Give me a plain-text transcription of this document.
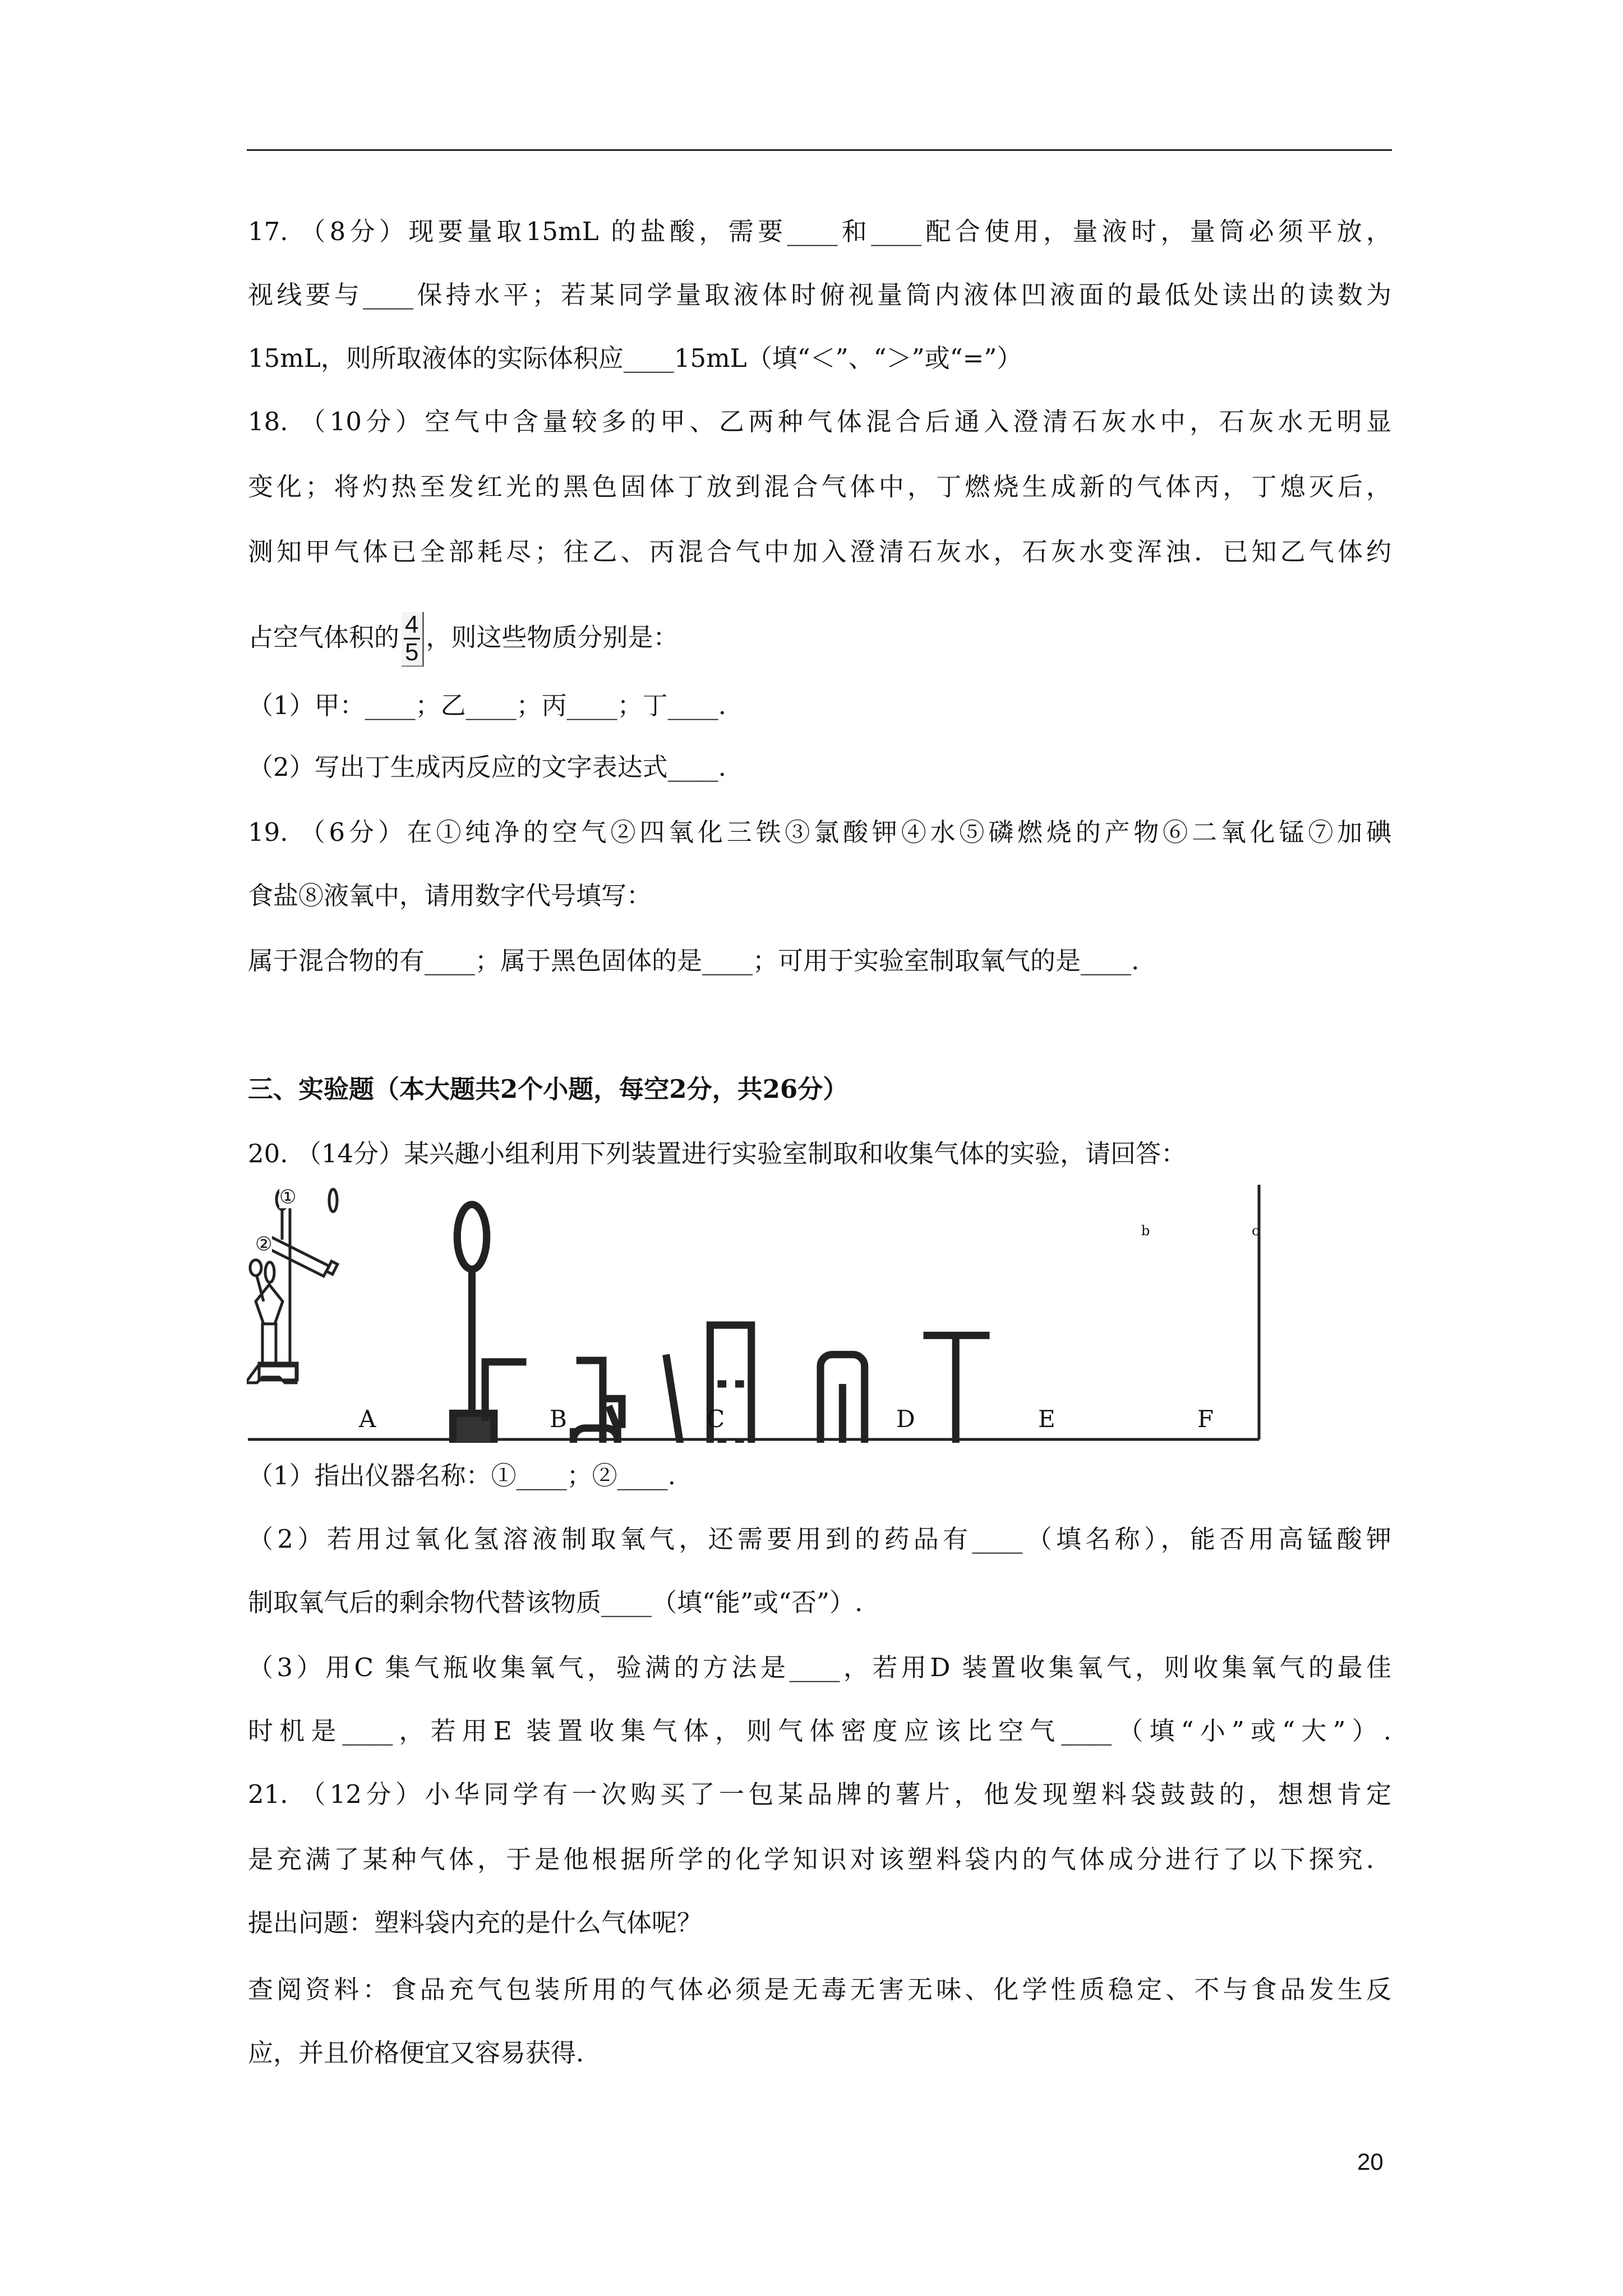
17. （8分）现要量取15mL 的盐酸，需要____和____配合使用，量液时，量筒必须平放，
视线要与____保持水平；若某同学量取液体时俯视量筒内液体凹液面的最低处读出的读数为
15mL，则所取液体的实际体积应____15mL（填“＜”、“＞”或“=”）
18. （10分）空气中含量较多的甲、乙两种气体混合后通入澄清石灰水中，石灰水无明显
变化；将灼热至发红光的黑色固体丁放到混合气体中，丁燃烧生成新的气体丙，丁熄灭后，
测知甲气体已全部耗尽；往乙、丙混合气中加入澄清石灰水，石灰水变浑浊．已知乙气体约
（1）甲：____；乙____；丙____；丁____.
（2）写出丁生成丙反应的文字表达式____.
19. （6分）在①纯净的空气②四氧化三铁③氯酸钾④水⑤磷燃烧的产物⑥二氧化锰⑦加碘
食盐⑧液氧中，请用数字代号填写：
属于混合物的有____；属于黑色固体的是____；可用于实验室制取氧气的是____.
三、实验题（本大题共2个小题，每空2分，共26分）
20. （14分）某兴趣小组利用下列装置进行实验室制取和收集气体的实验，请回答：
（1）指出仪器名称：①____；②____.
（2）若用过氧化氢溶液制取氧气，还需要用到的药品有____（填名称），能否用高锰酸钾
制取氧气后的剩余物代替该物质____（填“能”或“否”）.
（3）用C 集气瓶收集氧气，验满的方法是____，若用D 装置收集氧气，则收集氧气的最佳
时机是____，若用E 装置收集气体，则气体密度应该比空气____（填“小”或“大”）.
21. （12分）小华同学有一次购买了一包某品牌的薯片，他发现塑料袋鼓鼓的，想想肯定
是充满了某种气体，于是他根据所学的化学知识对该塑料袋内的气体成分进行了以下探究．
提出问题：塑料袋内充的是什么气体呢？
查阅资料：食品充气包装所用的气体必须是无毒无害无味、化学性质稳定、不与食品发生反
应，并且价格便宜又容易获得．
占空气体积的 $\frac{4}{5}$ ，则这些物质分别是：
A	B	C	D	E	F
②
①
b	c
20
